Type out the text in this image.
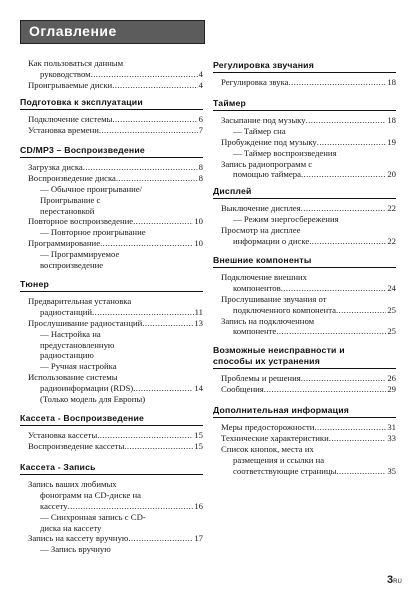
Оглавление
Как пользоваться данным
руководством .....	4
Проигрываемые диски .....	4
Подготовка к эксплуатации
Подключение системы .....	6
Установка времени .....	7
CD/MP3 – Воспроизведение
Загрузка диска .....	8
Воспроизведение диска .....	8
— Обычное проигрывание/
Проигрывание с
перестановкой
Повторное воспроизведение .....	10
— Повторное проигрывание
Программирование .....	10
— Программируемое
воспроизведение
Тюнер
Предварительная установка
радиостанций .....	11
Прослушивание радиостанций .....	13
— Настройка на
предустановленную
радиостанцию
— Ручная настройка
Использование системы
радиоинформации (RDS) .....	14
(Только модель для Европы)
Кассета - Воспроизведение
Установка кассеты .....	15
Воспроизведение кассеты .....	15
Кассета - Запись
Запись ваших любимых
фонограмм на CD-диске на
кассету .....	16
— Синхронная запись с CD-
диска на кассету
Запись на кассету вручную .....	17
— Запись вручную
Регулировка звучания
Регулировка звука .....	18
Таймер
Засыпание под музыку .....	18
— Таймер сна
Пробуждение под музыку .....	19
— Таймер воспроизведения
Запись радиопрограмм с
помощью таймера .....	20
Дисплей
Выключение дисплея .....	22
— Режим энергосбережения
Просмотр на дисплее
информации о диске .....	22
Внешние компоненты
Подключение внешних
компонентов .....	24
Прослушивание звучания от
подключенного компонента .....	25
Запись на подключенном
компоненте .....	25
Возможные неисправности и
способы их устранения
Проблемы и решения .....	26
Сообщения .....	29
Дополнительная информация
Меры предосторожности .....	31
Технические характеристики .....	33
Список кнопок, места их
размещения и ссылки на
соответствующие страницы .....	35
3RU
